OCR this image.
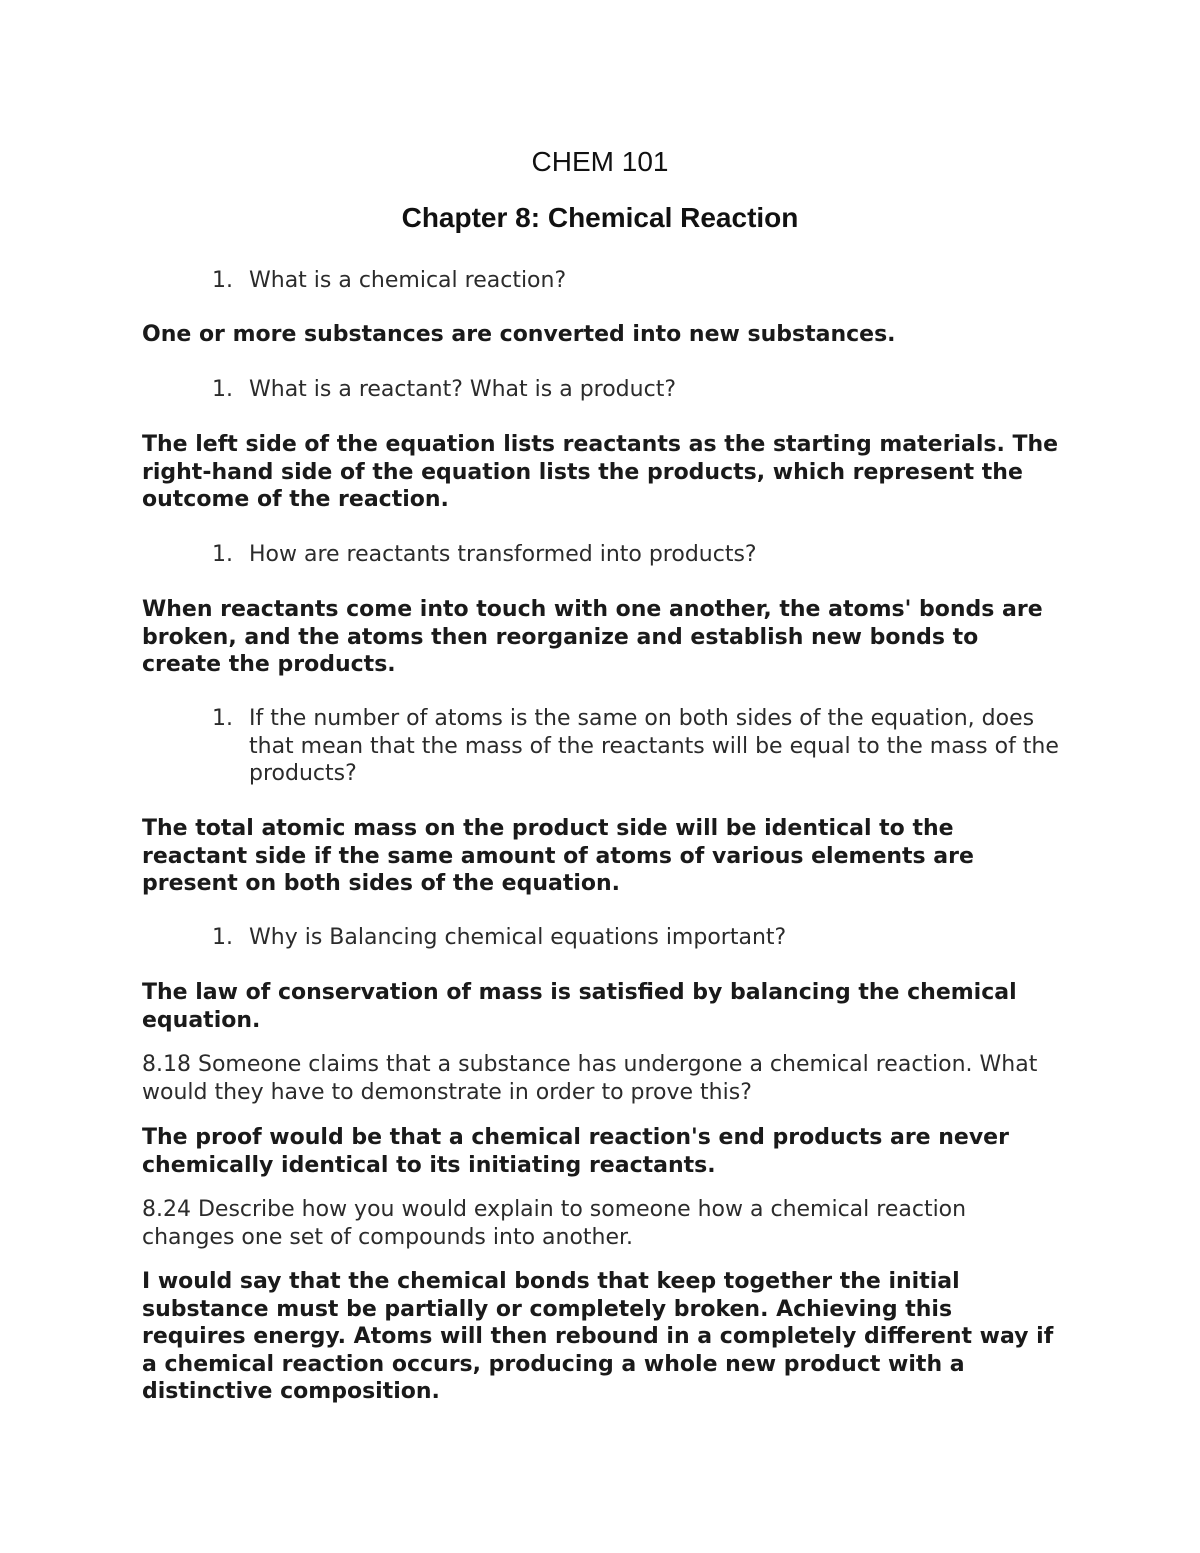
CHEM 101
Chapter 8: Chemical Reaction
1. What is a chemical reaction?

One or more substances are converted into new substances.

1. What is a reactant? What is a product?

The left side of the equation lists reactants as the starting materials. The right-hand side of the equation lists the products, which represent the outcome of the reaction.

1. How are reactants transformed into products?

When reactants come into touch with one another, the atoms' bonds are broken, and the atoms then reorganize and establish new bonds to create the products.

1. If the number of atoms is the same on both sides of the equation, does that mean that the mass of the reactants will be equal to the mass of the products?

The total atomic mass on the product side will be identical to the reactant side if the same amount of atoms of various elements are present on both sides of the equation.

1. Why is Balancing chemical equations important?

The law of conservation of mass is satisfied by balancing the chemical equation.

8.18 Someone claims that a substance has undergone a chemical reaction. What would they have to demonstrate in order to prove this?

The proof would be that a chemical reaction's end products are never chemically identical to its initiating reactants.

8.24 Describe how you would explain to someone how a chemical reaction changes one set of compounds into another.

I would say that the chemical bonds that keep together the initial substance must be partially or completely broken. Achieving this requires energy. Atoms will then rebound in a completely different way if a chemical reaction occurs, producing a whole new product with a distinctive composition.
